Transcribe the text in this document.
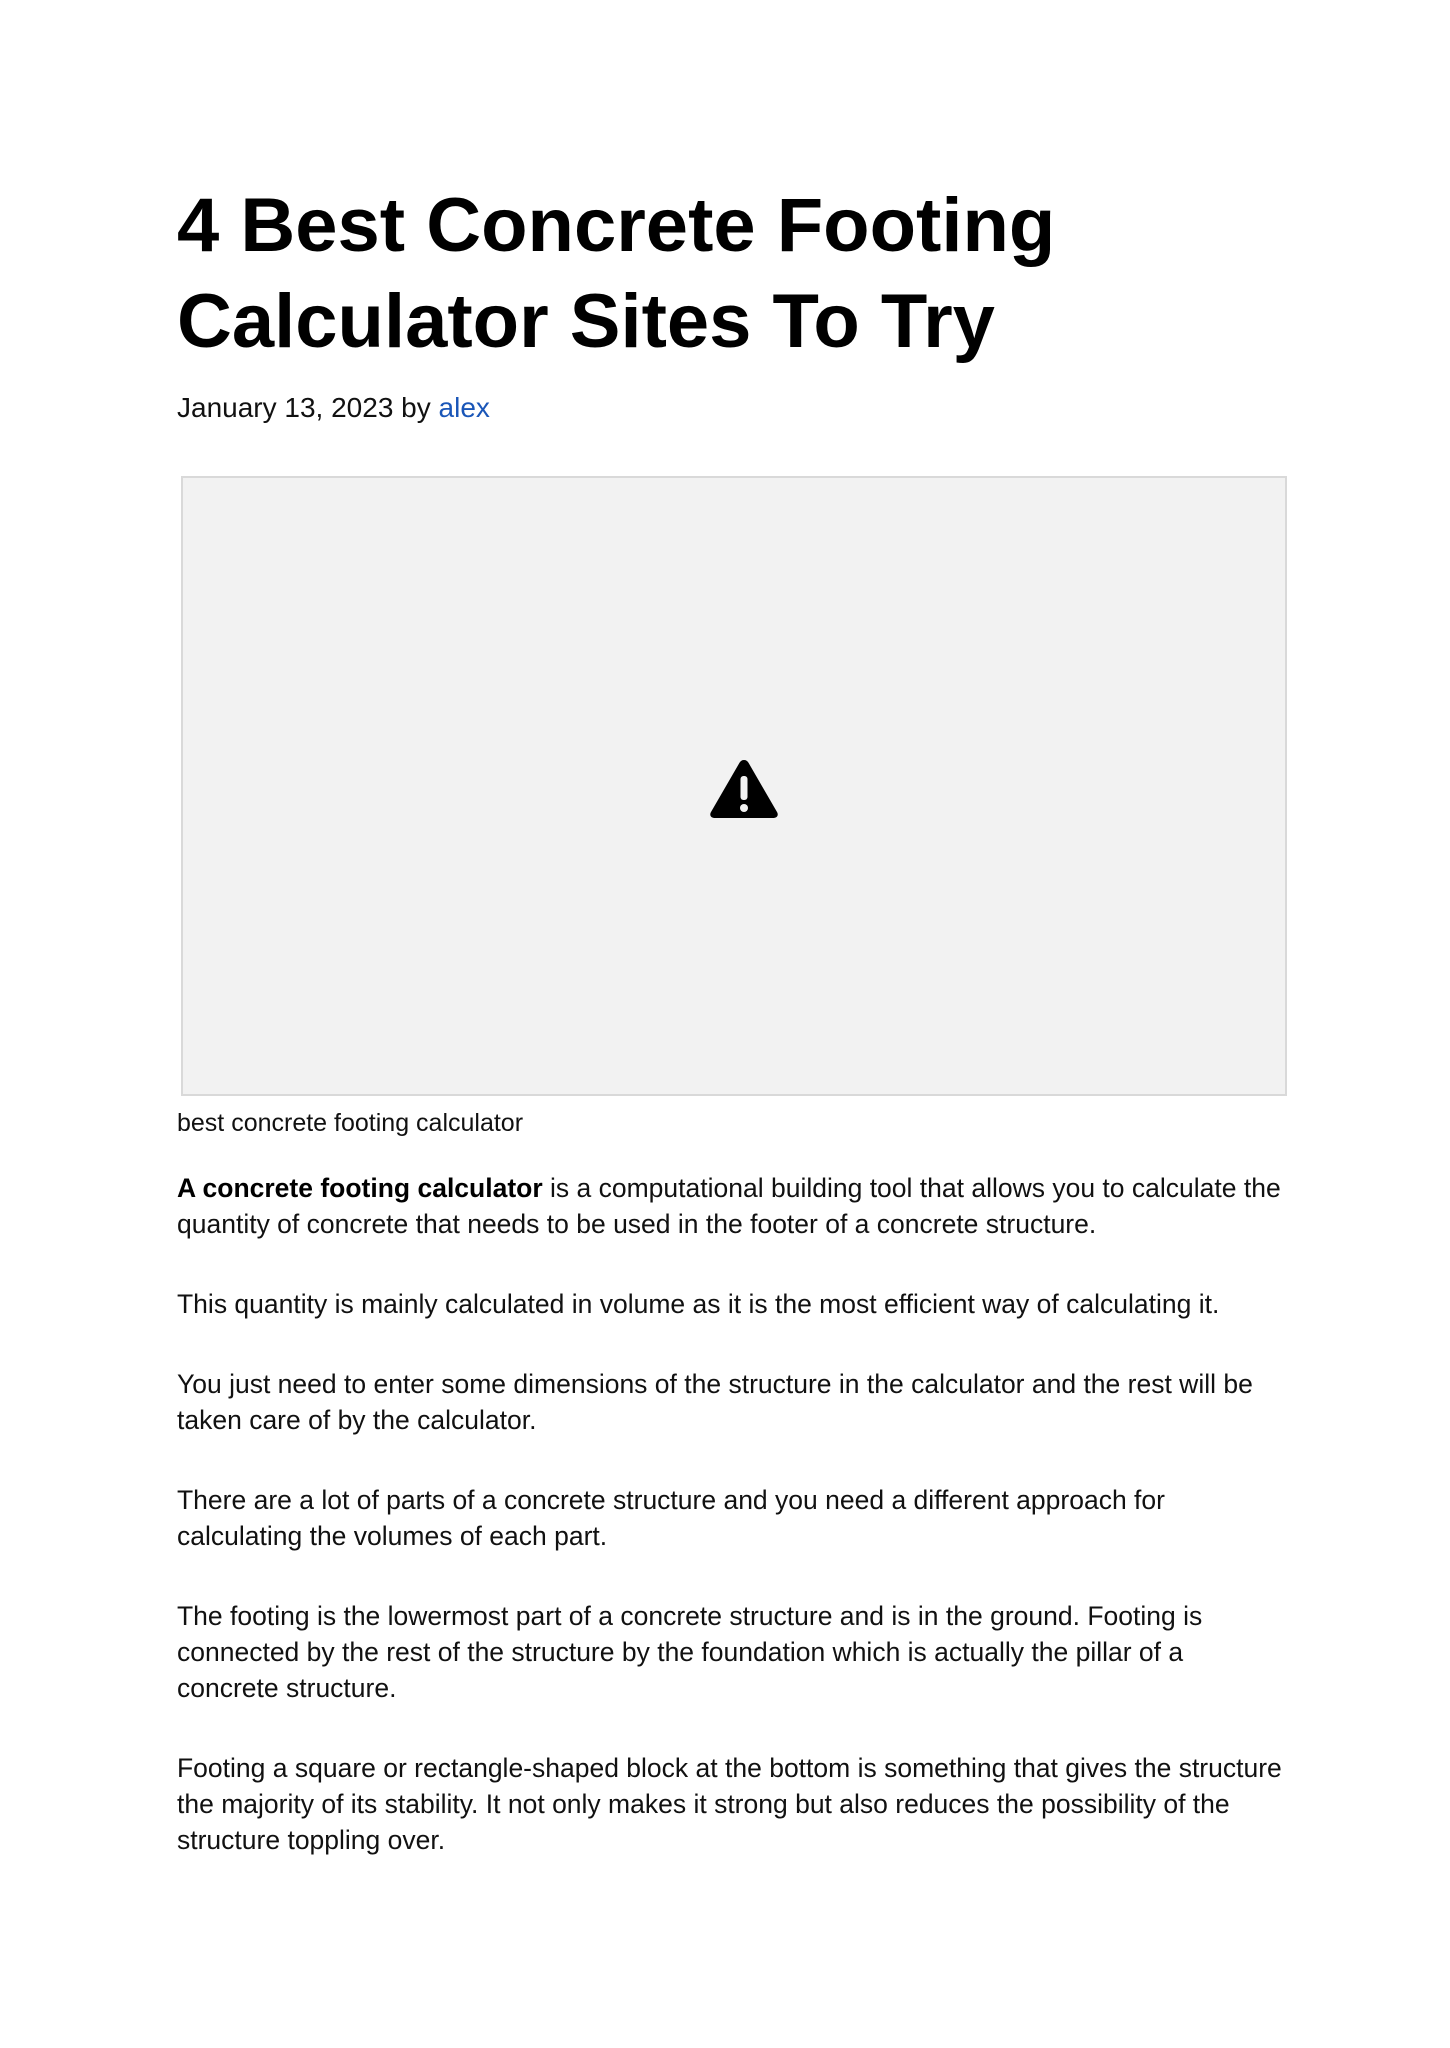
4 Best Concrete Footing Calculator Sites To Try
January 13, 2023 by alex
best concrete footing calculator

A concrete footing calculator is a computational building tool that allows you to calculate the quantity of concrete that needs to be used in the footer of a concrete structure.

This quantity is mainly calculated in volume as it is the most efficient way of calculating it.

You just need to enter some dimensions of the structure in the calculator and the rest will be taken care of by the calculator.

There are a lot of parts of a concrete structure and you need a different approach for calculating the volumes of each part.

The footing is the lowermost part of a concrete structure and is in the ground. Footing is connected by the rest of the structure by the foundation which is actually the pillar of a concrete structure.

Footing a square or rectangle-shaped block at the bottom is something that gives the structure the majority of its stability. It not only makes it strong but also reduces the possibility of the structure toppling over.
